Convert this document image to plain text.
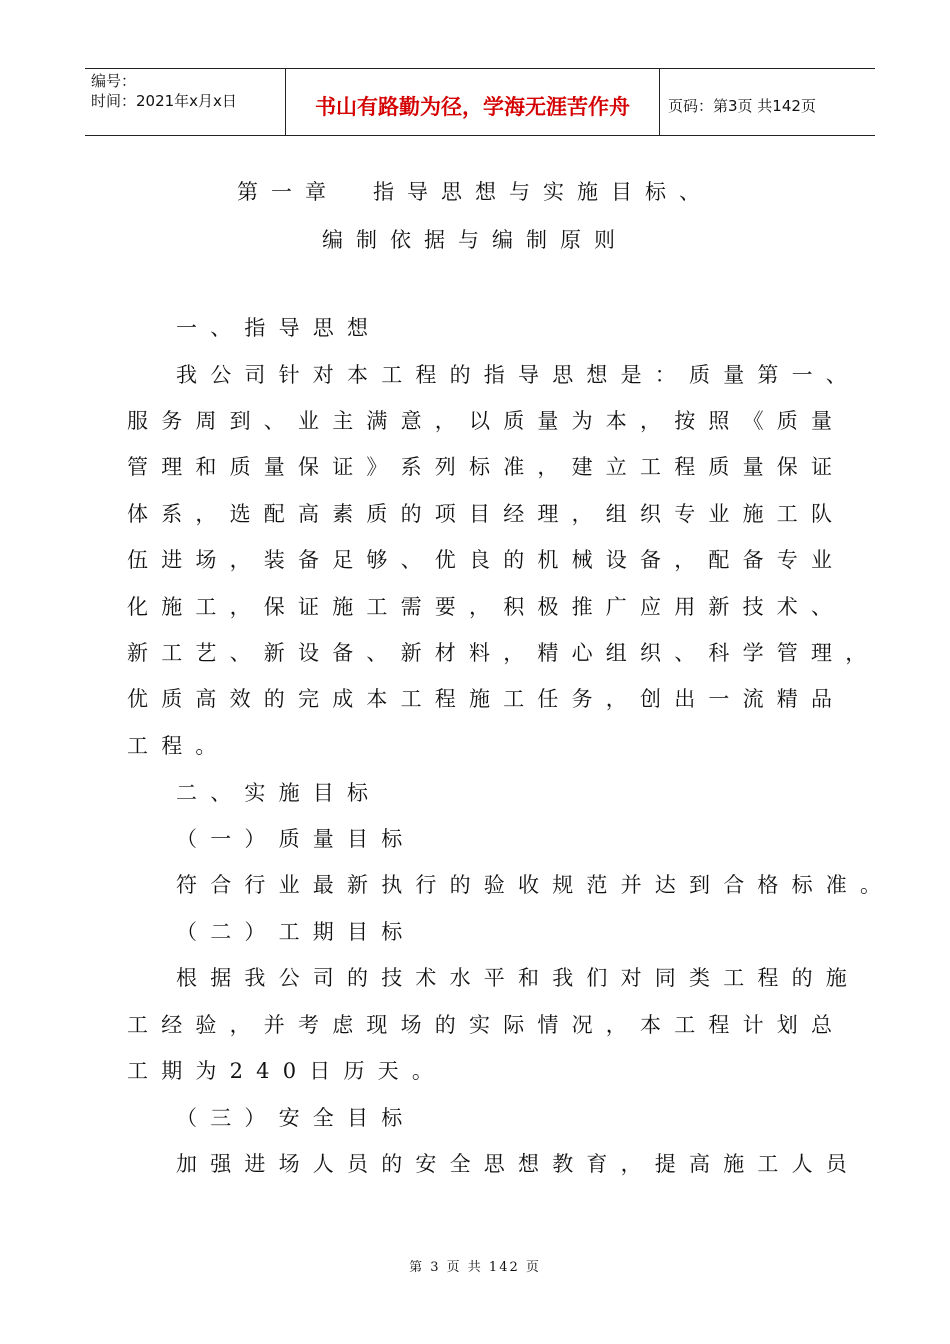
编号：
时间：2021年x月x日	书山有路勤为径，学海无涯苦作舟	页码：第3页 共142页
第一章　指导思想与实施目标、
编制依据与编制原则
一、指导思想
我公司针对本工程的指导思想是：质量第一、
服务周到、业主满意，以质量为本，按照《质量
管理和质量保证》系列标准，建立工程质量保证
体系，选配高素质的项目经理，组织专业施工队
伍进场，装备足够、优良的机械设备，配备专业
化施工，保证施工需要，积极推广应用新技术、
新工艺、新设备、新材料，精心组织、科学管理，
优质高效的完成本工程施工任务，创出一流精品
工程。
二、实施目标
（一）质量目标
符合行业最新执行的验收规范并达到合格标准。
（二）工期目标
根据我公司的技术水平和我们对同类工程的施
工经验，并考虑现场的实际情况，本工程计划总
工期为240日历天。
（三）安全目标
加强进场人员的安全思想教育，提高施工人员
第 3 页 共 142 页
